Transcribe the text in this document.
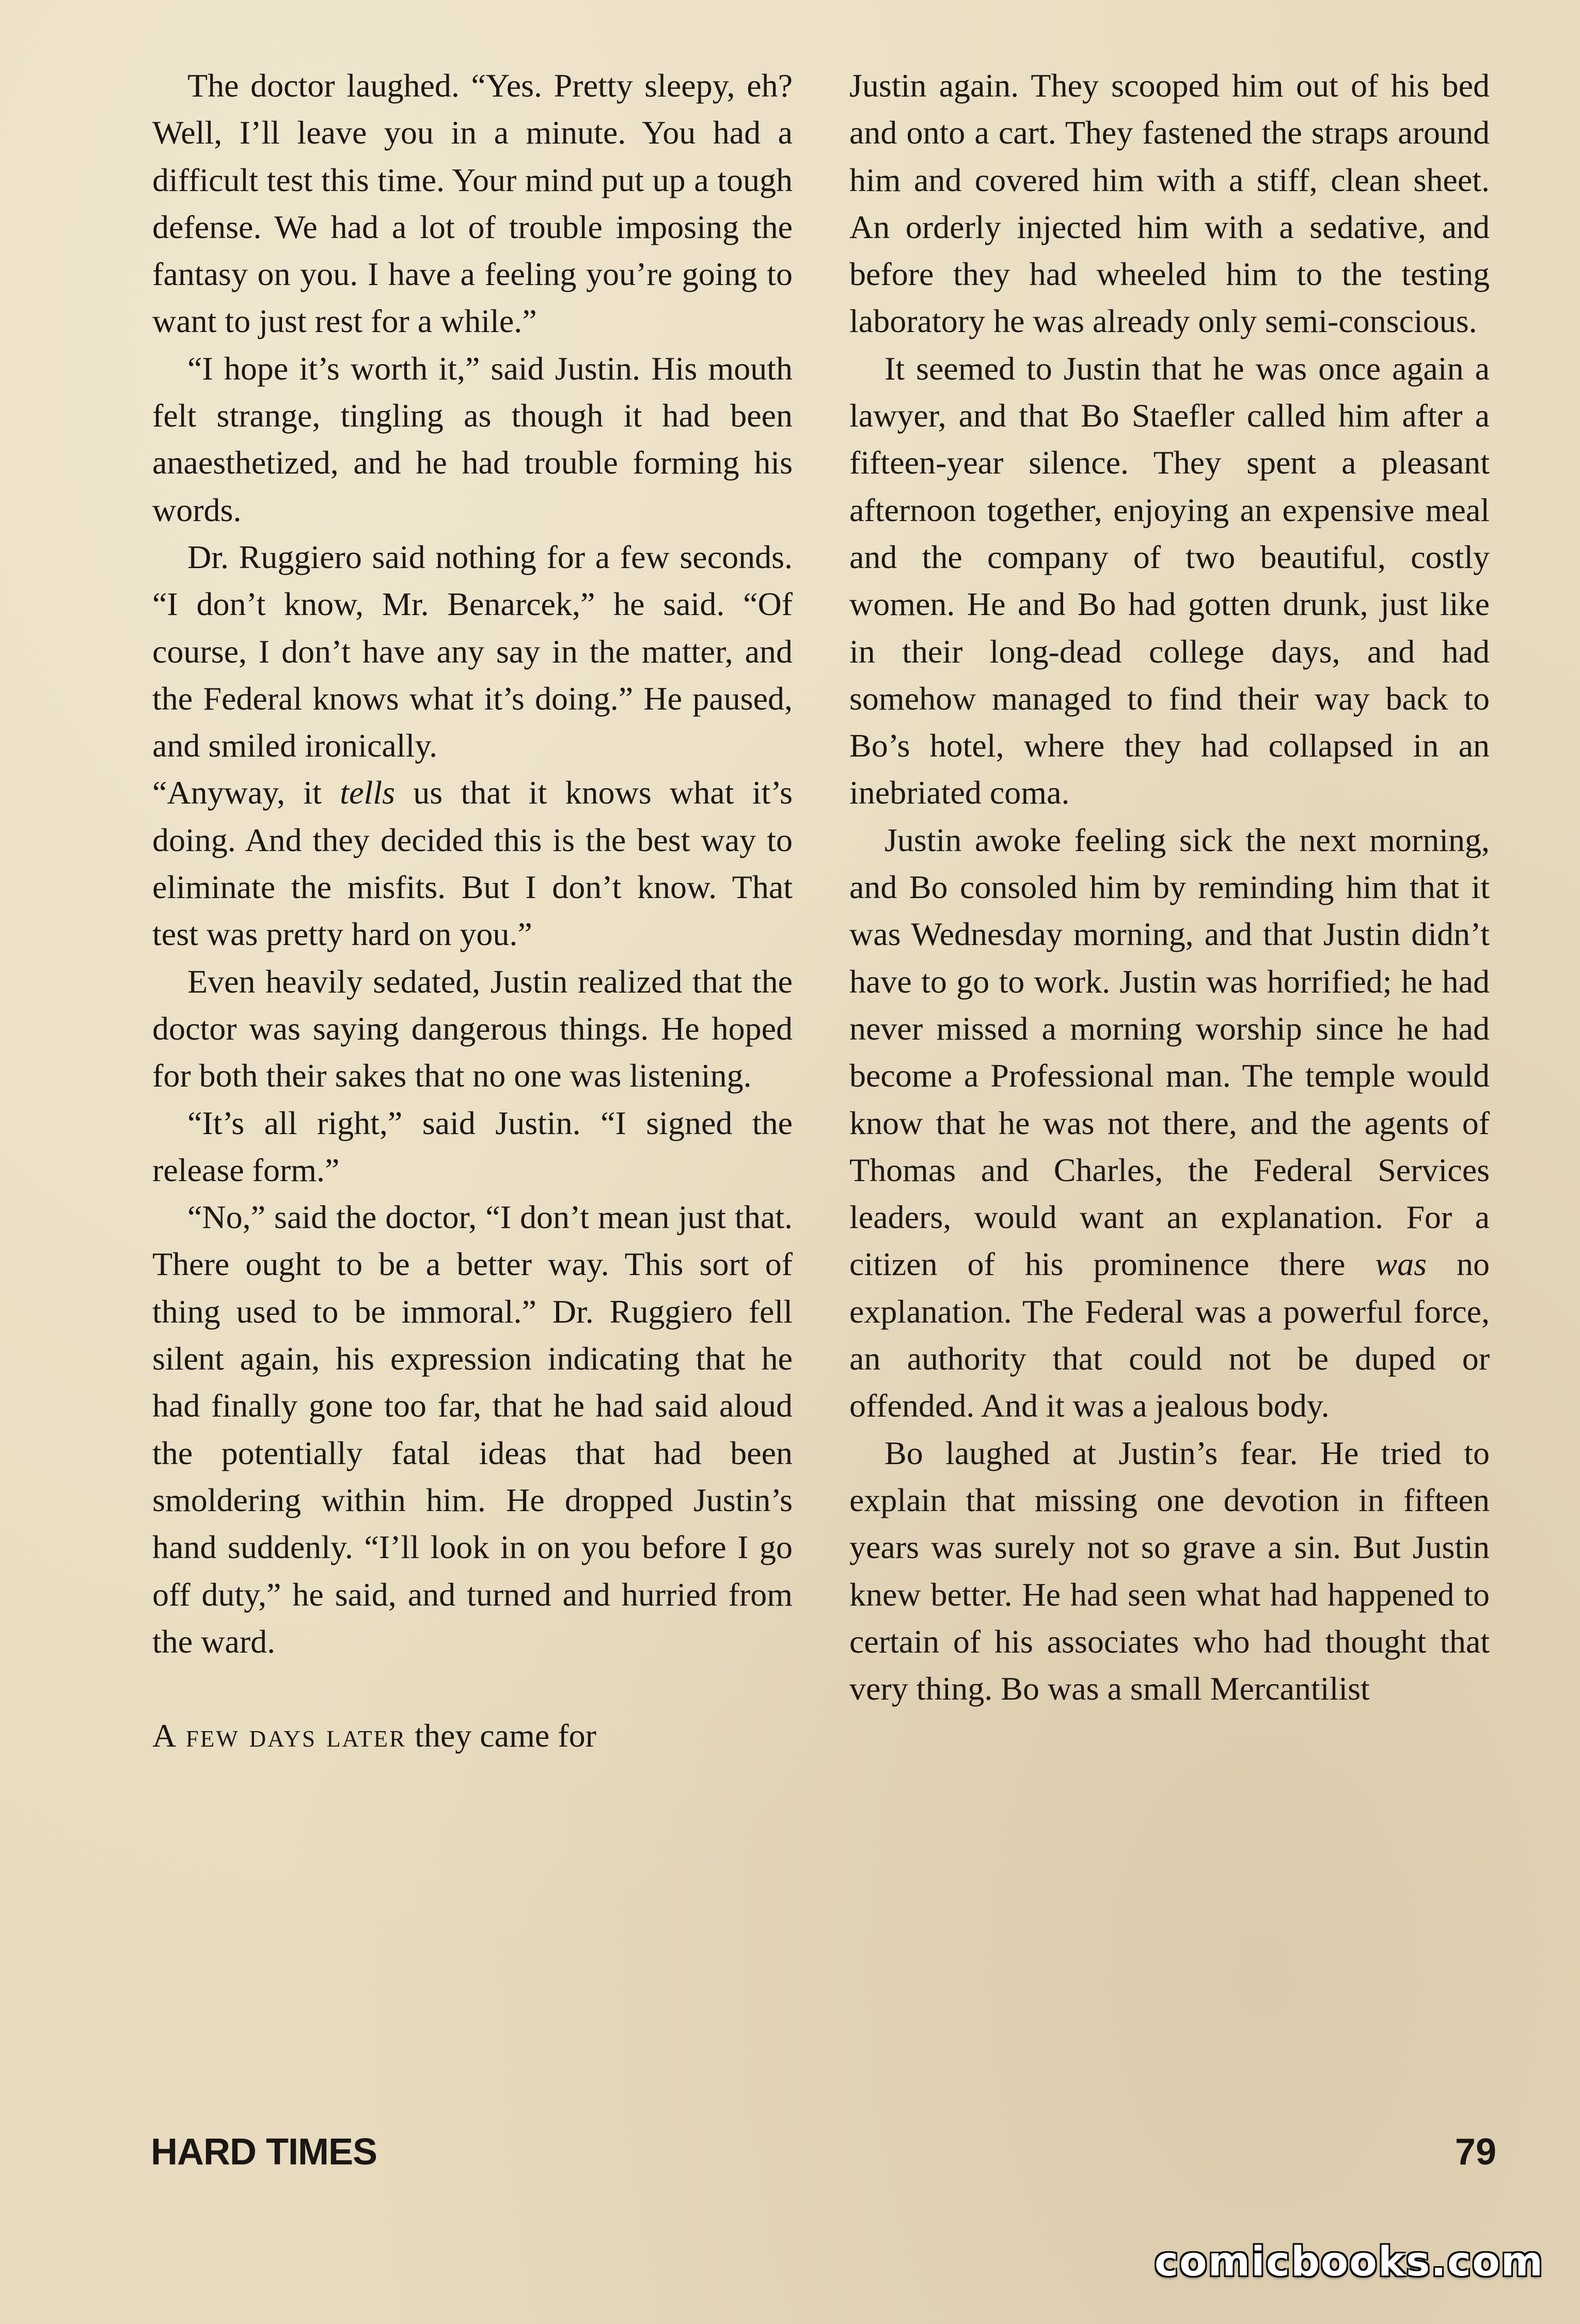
The doctor laughed. “Yes. Pretty sleepy, eh? Well, I’ll leave you in a minute. You had a difficult test this time. Your mind put up a tough defense. We had a lot of trouble imposing the fantasy on you. I have a feeling you’re going to want to just rest for a while.”

“I hope it’s worth it,” said Justin. His mouth felt strange, tingling as though it had been anaesthetized, and he had trouble forming his words.

Dr. Ruggiero said nothing for a few seconds. “I don’t know, Mr. Benarcek,” he said. “Of course, I don’t have any say in the matter, and the Federal knows what it’s doing.” He paused, and smiled ironically.

“Anyway, it tells us that it knows what it’s doing. And they decided this is the best way to eliminate the misfits. But I don’t know. That test was pretty hard on you.”

Even heavily sedated, Justin realized that the doctor was saying dangerous things. He hoped for both their sakes that no one was listening.

“It’s all right,” said Justin. “I signed the release form.”

“No,” said the doctor, “I don’t mean just that. There ought to be a better way. This sort of thing used to be immoral.” Dr. Ruggiero fell silent again, his expression indicating that he had finally gone too far, that he had said aloud the potentially fatal ideas that had been smoldering within him. He dropped Justin’s hand suddenly. “I’ll look in on you before I go off duty,” he said, and turned and hurried from the ward.

A few days later they came for

Justin again. They scooped him out of his bed and onto a cart. They fastened the straps around him and covered him with a stiff, clean sheet. An orderly injected him with a sedative, and before they had wheeled him to the testing laboratory he was already only semi-conscious.

It seemed to Justin that he was once again a lawyer, and that Bo Staefler called him after a fifteen-year silence. They spent a pleasant afternoon together, enjoying an expensive meal and the company of two beautiful, costly women. He and Bo had gotten drunk, just like in their long-dead college days, and had somehow managed to find their way back to Bo’s hotel, where they had collapsed in an inebriated coma.

Justin awoke feeling sick the next morning, and Bo consoled him by reminding him that it was Wednesday morning, and that Justin didn’t have to go to work. Justin was horrified; he had never missed a morning worship since he had become a Professional man. The temple would know that he was not there, and the agents of Thomas and Charles, the Federal Services leaders, would want an explanation. For a citizen of his prominence there was no explanation. The Federal was a powerful force, an authority that could not be duped or offended. And it was a jealous body.

Bo laughed at Justin’s fear. He tried to explain that missing one devotion in fifteen years was surely not so grave a sin. But Justin knew better. He had seen what had happened to certain of his associates who had thought that very thing. Bo was a small Mercantilist

HARD TIMES	79
comicbooks.com
